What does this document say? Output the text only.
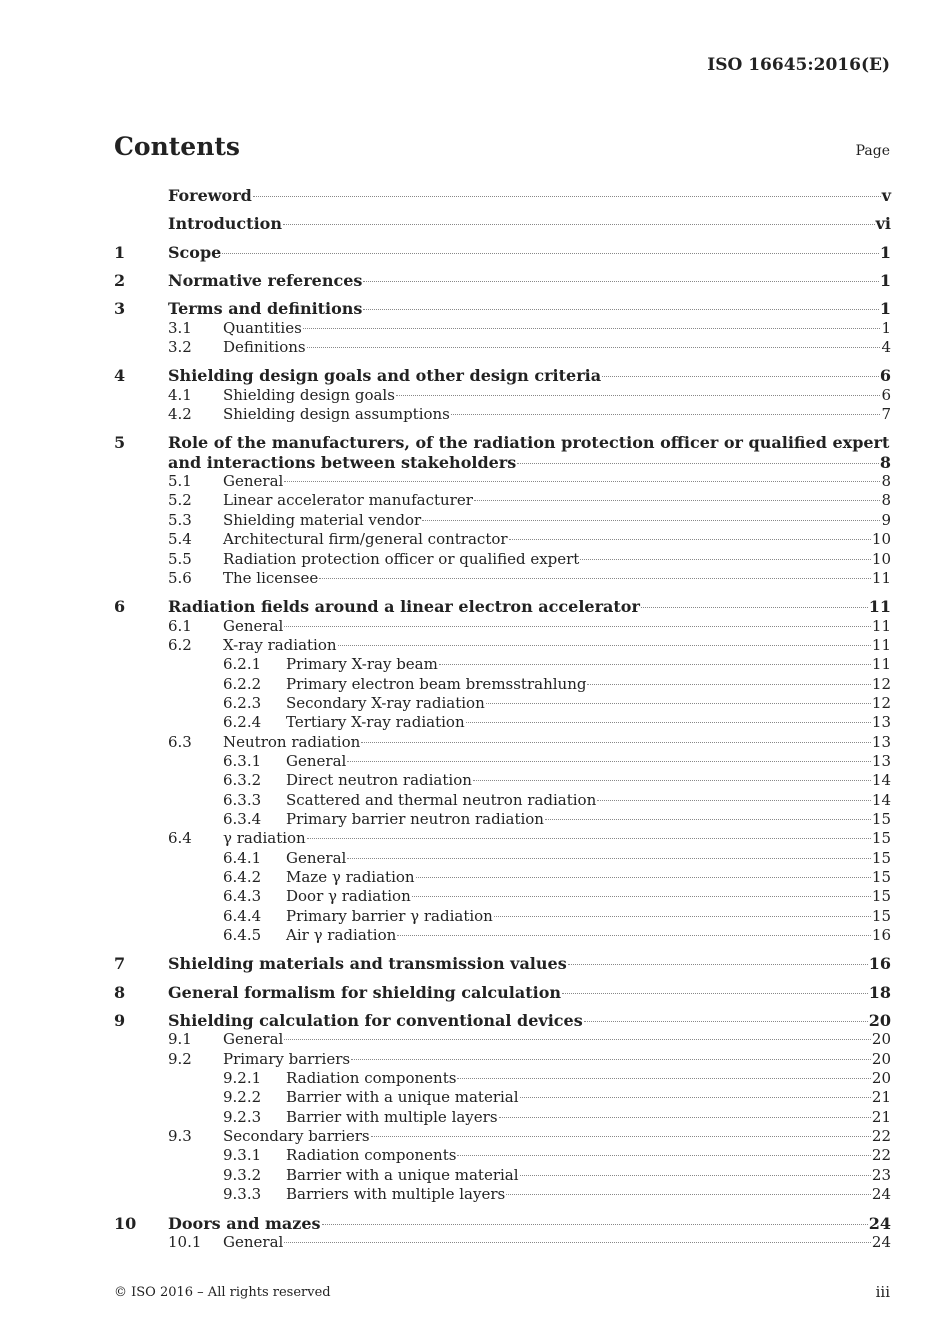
ISO 16645:2016(E)
Contents	Page
Foreword	v
Introduction	vi
1	Scope	1
2	Normative references	1
3	Terms and definitions	1
3.1	Quantities	1
3.2	Definitions	4
4	Shielding design goals and other design criteria	6
4.1	Shielding design goals	6
4.2	Shielding design assumptions	7
5	Role of the manufacturers, of the radiation protection officer or qualified expert
and interactions between stakeholders	8
5.1	General	8
5.2	Linear accelerator manufacturer	8
5.3	Shielding material vendor	9
5.4	Architectural firm/general contractor	10
5.5	Radiation protection officer or qualified expert	10
5.6	The licensee	11
6	Radiation fields around a linear electron accelerator	11
6.1	General	11
6.2	X-ray radiation	11
6.2.1	Primary X-ray beam	11
6.2.2	Primary electron beam bremsstrahlung	12
6.2.3	Secondary X-ray radiation	12
6.2.4	Tertiary X-ray radiation	13
6.3	Neutron radiation	13
6.3.1	General	13
6.3.2	Direct neutron radiation	14
6.3.3	Scattered and thermal neutron radiation	14
6.3.4	Primary barrier neutron radiation	15
6.4	γ radiation	15
6.4.1	General	15
6.4.2	Maze γ radiation	15
6.4.3	Door γ radiation	15
6.4.4	Primary barrier γ radiation	15
6.4.5	Air γ radiation	16
7	Shielding materials and transmission values	16
8	General formalism for shielding calculation	18
9	Shielding calculation for conventional devices	20
9.1	General	20
9.2	Primary barriers	20
9.2.1	Radiation components	20
9.2.2	Barrier with a unique material	21
9.2.3	Barrier with multiple layers	21
9.3	Secondary barriers	22
9.3.1	Radiation components	22
9.3.2	Barrier with a unique material	23
9.3.3	Barriers with multiple layers	24
10	Doors and mazes	24
10.1	General	24
© ISO 2016 – All rights reserved	iii
